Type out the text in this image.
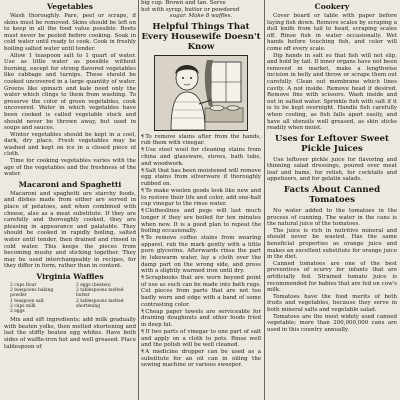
Vegetables

Wash thoroughly. Pare, peel or scrape, if skins must be removed. Skins should be left on to keep in all the food value possible. Beets must never be peeled before cooking. Soak in cold water until ready to cook. Cook in freshly boiling salted water until tender.

Allow 1 teaspoon salt to 1 quart of water. Use as little water as possible without burning, except for strong flavored vegetables like cabbage and turnips. These should be cooked uncovered in a large quantity of water. Greens like spinach and kale need only the water which clings to them from washing. To preserve the color of green vegetables, cook uncovered. Water in which vegetables have been cooked is called vegetable stock and should never be thrown away, but used in soups and sauces.

Winter vegetables should be kept in a cool, dark, dry place. Fresh vegetables may be washed and kept on ice in a closed piece of cloth.

Time for cooking vegetables varies with the age of the vegetables and the freshness of the water.

Macaroni and Spaghetti

Macaroni and spaghetti are starchy foods, and dishes made from either are served in place of potatoes, and when combined with cheese, also as a meat substitute. If they are carefully and thoroughly cooked, they are pleasing in appearance and palatable. They should be cooked in rapidly boiling, salted water until tender, then drained and rinsed in cold water. This keeps the pieces from becoming mushy and sticking together. They may be used interchangeably in recipes, for they differ in form, rather than in content.

Virginia Waffles
2 cups flour	2 eggs (beaten)
2 teaspoons baking	2 tablespoons melted
powder	butter
1 teaspoon salt	2 tablespoons melted
2 cups milk	shortening
2 eggs

Mix and sift ingredients; add milk gradually with beaten yolks, then melted shortening and last the stiffly beaten egg whites. Have both sides of waffle-iron hot and well greased. Place tablespoon of

big cup. Brown and tan. Serve
hot with syrup, butter or powdered
sugar. Make 8 waffles.
Helpful Things That Every Housewife Doesn't Know

¶To remove stains after from the hands, rub them with vinegar.

¶Use steel wool for cleaning stains from china and glassware, stoves, bath tubs, and woodwork.

¶Salt that has been moistened will remove egg stains from silverware if thoroughly rubbed on.

¶To make woolen goods look like new and to restore their life and color, add one-half cup vinegar to the rinse water.

¶Clotheslines and pegs will last much longer if they are boiled for ten minutes when new. It is a good plan to repeat the boiling occasionally.

¶To remove coffee stains from wearing apparel, rub the mark gently with a little pure glycerine. Afterwards rinse the part in lukewarm water, lay a cloth over the damp part on the wrong side, and press with a slightly warmed iron until dry.

¶Scrapbooks that are worn beyond point of use as such can be made into bath rugs. Cut pieces from parts that are not too badly worn and edge with a band of some contrasting color.

¶Cheap paper towels are serviceable for draining doughnuts and other foods fried in deep fat.

¶If two parts of vinegar to one part of salt and apply on a cloth to pots. Rinse well and the polish will be well cleaned.

¶A medicine dropper can be used as a substitute for an oil can in oiling the sewing machine or various sweeper.

Cookery

Cover board or table with paper before laying fish down. Remove scales by scraping a dull knife from tail to head, scraping scales off. Rinse fish in water occasionally. Wet hands before touching fish, and color will come off every scale.

Dip hands in salt so that fish will not slip, and hold by tail. If inner organs have not been removed in market, make a lengthwise incision in belly and throw or scrape them out carefully. Clean out membrane which lines cavity. A not inside. Remove head if desired. Remove fins with scissors. Wash inside and out in salted water. Sprinkle fish with salt if it is to be kept overnight. Handle fish carefully when cooling, as fish falls apart easily, and have all utensils well greased, as skin sticks readily when moist.

Uses for Leftover Sweet Pickle Juices

Use leftover pickle juice for flavoring and thinning salad dressings, poured over meat loaf and hams, for relish, for cocktails and appetizers, and for gelatin salads.

Facts About Canned Tomatoes

No water added to the tomatoes in the process of canning. The water in the cans is the natural juice of the tomatoes.

The juice is rich in nutritive mineral and should never be wasted. Has the same beneficial properties as orange juice and makes an excellent substitute for orange juice in the diet.

Canned tomatoes are one of the best preventives of scurvy for infants that are artificially fed. Strained tomato juice is recommended for babies that are fed on cow's milk.

Tomatoes have the food merits of both fruits and vegetables, because they serve in both mineral salts and vegetable salad.

Tomatoes are the most widely used canned vegetable; more than 200,000,000 cans are used in this country annually.
